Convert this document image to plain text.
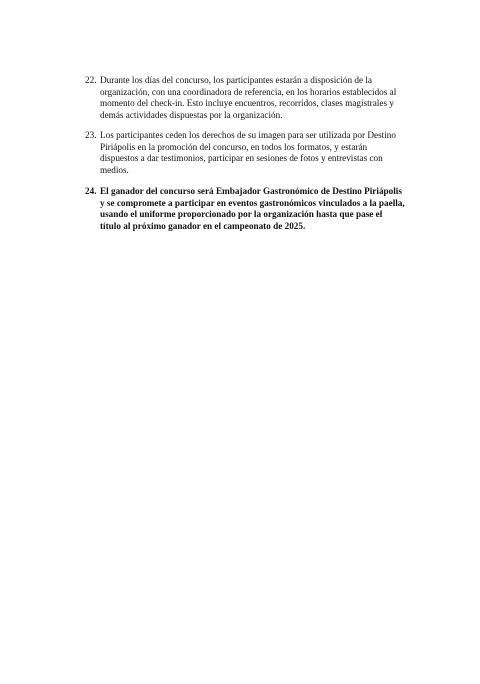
22. Durante los días del concurso, los participantes estarán a disposición de la organización, con una coordinadora de referencia, en los horarios establecidos al momento del check-in. Esto incluye encuentros, recorridos, clases magistrales y demás actividades dispuestas por la organización.
23. Los participantes ceden los derechos de su imagen para ser utilizada por Destino Piriápolis en la promoción del concurso, en todos los formatos, y estarán dispuestos a dar testimonios, participar en sesiones de fotos y entrevistas con medios.
24. El ganador del concurso será Embajador Gastronómico de Destino Piriápolis y se compromete a participar en eventos gastronómicos vinculados a la paella, usando el uniforme proporcionado por la organización hasta que pase el título al próximo ganador en el campeonato de 2025.
